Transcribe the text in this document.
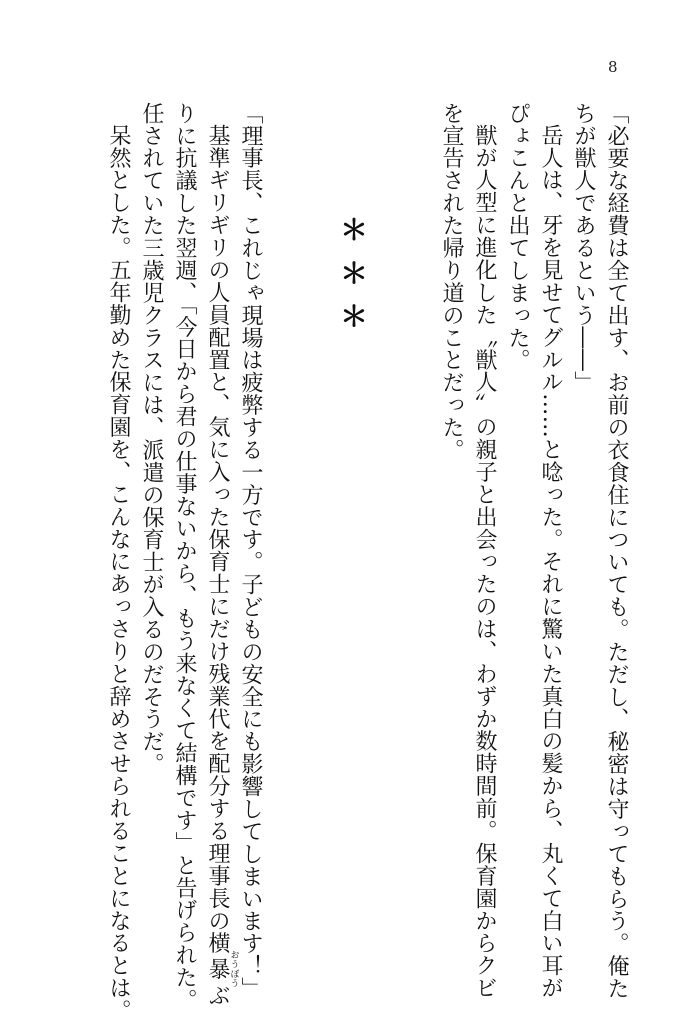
8
「必要な経費は全て出す、お前の衣食住についても。ただし、秘密は守ってもらう。俺た
ちが獣人であるという――」
岳人は、牙を見せてグルル……と唸った。それに驚いた真白の髪から、丸くて白い耳が
ぴょこんと出てしまった。
獣が人型に進化した〝獣人〟の親子と出会ったのは、わずか数時間前。保育園からクビ
を宣告された帰り道のことだった。
＊＊＊
「理事長、これじゃ現場は疲弊する一方です。子どもの安全にも影響してしまいます！」
基準ギリギリの人員配置と、気に入った保育士にだけ残業代を配分する理事長の横暴おうぼうぶ
りに抗議した翌週、「今日から君の仕事ないから、もう来なくて結構です」と告げられた。
任されていた三歳児クラスには、派遣の保育士が入るのだそうだ。
呆然とした。五年勤めた保育園を、こんなにあっさりと辞めさせられることになるとは。
